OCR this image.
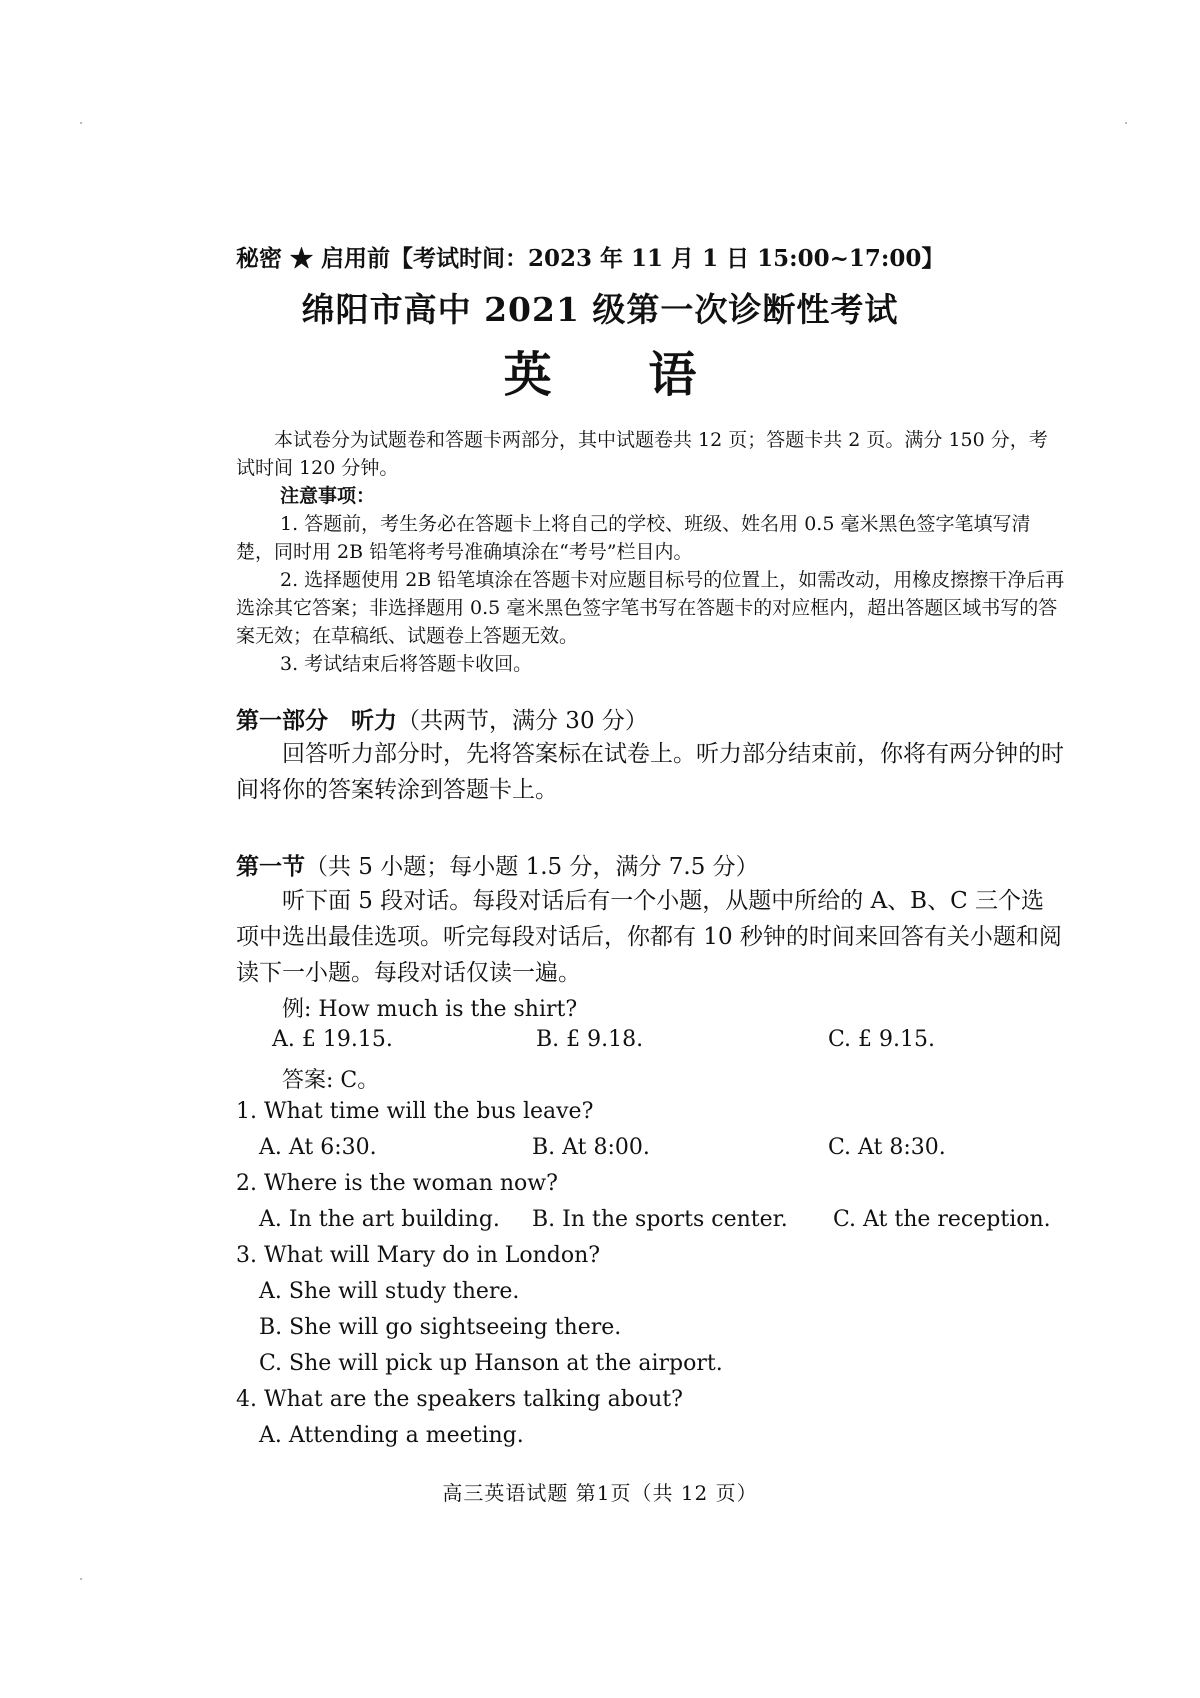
秘密 ★ 启用前【考试时间：2023 年 11 月 1 日 15:00~17:00】
绵阳市高中 2021 级第一次诊断性考试
英 语

本试卷分为试题卷和答题卡两部分，其中试题卷共 12 页；答题卡共 2 页。满分 150 分，考试时间 120 分钟。

注意事项：

1. 答题前，考生务必在答题卡上将自己的学校、班级、姓名用 0.5 毫米黑色签字笔填写清楚，同时用 2B 铅笔将考号准确填涂在“考号”栏目内。

2. 选择题使用 2B 铅笔填涂在答题卡对应题目标号的位置上，如需改动，用橡皮擦擦干净后再选涂其它答案；非选择题用 0.5 毫米黑色签字笔书写在答题卡的对应框内，超出答题区域书写的答案无效；在草稿纸、试题卷上答题无效。

3. 考试结束后将答题卡收回。

第一部分　听力（共两节，满分 30 分）

回答听力部分时，先将答案标在试卷上。听力部分结束前，你将有两分钟的时间将你的答案转涂到答题卡上。

第一节（共 5 小题；每小题 1.5 分，满分 7.5 分）

听下面 5 段对话。每段对话后有一个小题，从题中所给的 A、B、C 三个选项中选出最佳选项。听完每段对话后，你都有 10 秒钟的时间来回答有关小题和阅读下一小题。每段对话仅读一遍。

例: How much is the shirt?
A. £ 19.15.	B. £ 9.18.	C. £ 9.15.
答案: C。
1. What time will the bus leave?
A. At 6:30.	B. At 8:00.	C. At 8:30.
2. Where is the woman now?
A. In the art building. B. In the sports center. C. At the reception.
3. What will Mary do in London?
A. She will study there.
B. She will go sightseeing there.
C. She will pick up Hanson at the airport.
4. What are the speakers talking about?
A. Attending a meeting.
高三英语试题 第1页（共 12 页）
